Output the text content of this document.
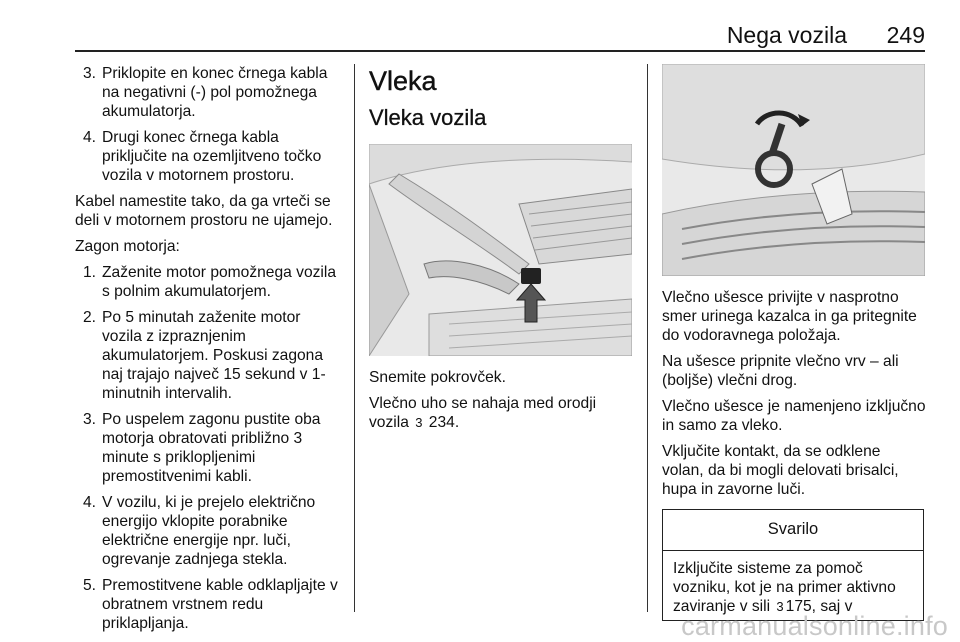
Nega vozila 249
3. Priklopite en konec črnega kabla na negativni (-) pol pomožnega akumulatorja.
4. Drugi konec črnega kabla priključite na ozemljitveno točko vozila v motornem prostoru.

Kabel namestite tako, da ga vrteči se deli v motornem prostoru ne ujamejo.

Zagon motorja:

1. Zaženite motor pomožnega vozila s polnim akumulatorjem.
2. Po 5 minutah zaženite motor vozila z izpraznjenim akumulatorjem. Poskusi zagona naj trajajo največ 15 sekund v 1-minutnih intervalih.
3. Po uspelem zagonu pustite oba motorja obratovati približno 3 minute s priklopljenimi premostitvenimi kabli.
4. V vozilu, ki je prejelo električno energijo vklopite porabnike električne energije npr. luči, ogrevanje zadnjega stekla.
5. Premostitvene kable odklapljajte v obratnem vrstnem redu priklapljanja.
Vleka
Vleka vozila

Snemite pokrovček.

Vlečno uho se nahaja med orodji vozila 3 234.

Vlečno ušesce privijte v nasprotno smer urinega kazalca in ga pritegnite do vodoravnega položaja.

Na ušesce pripnite vlečno vrv – ali (boljše) vlečni drog.

Vlečno ušesce je namenjeno izključno in samo za vleko.

Vključite kontakt, da se odklene volan, da bi mogli delovati brisalci, hupa in zavorne luči.

Svarilo
Izključite sisteme za pomoč vozniku, kot je na primer aktivno zaviranje v sili 3 175, saj v
carmanualsonline.info
